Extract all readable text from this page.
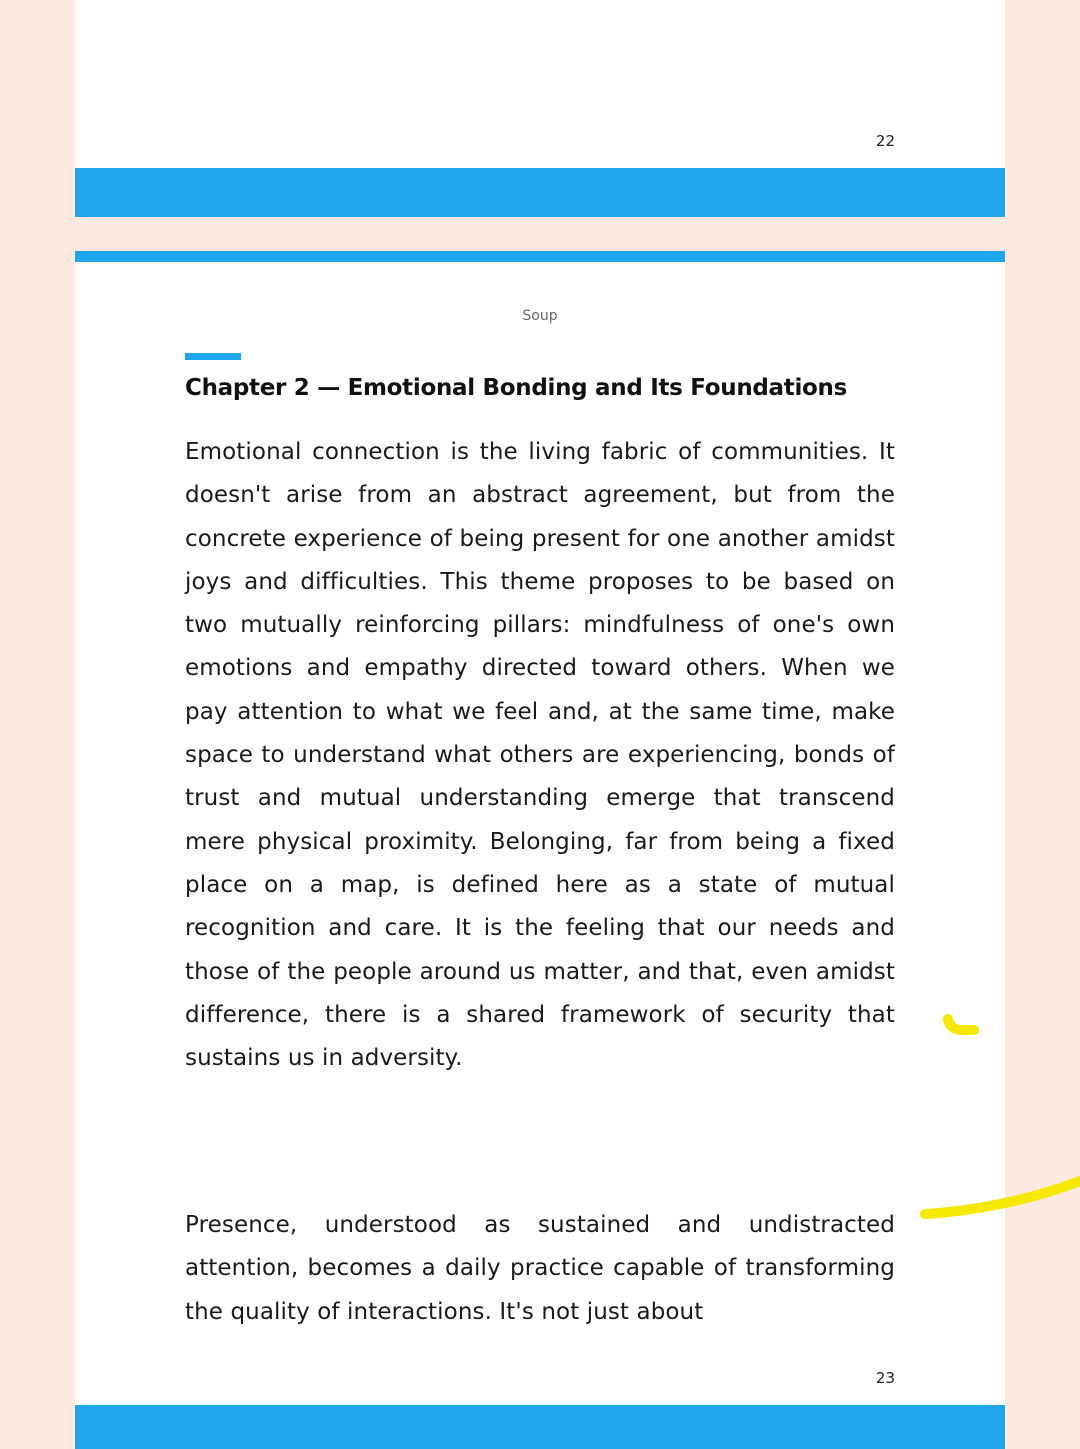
22
Soup
Chapter 2 — Emotional Bonding and Its Foundations

Emotional connection is the living fabric of communities. It doesn't arise from an abstract agreement, but from the concrete experience of being present for one another amidst joys and difficulties. This theme proposes to be based on two mutually reinforcing pillars: mindfulness of one's own emotions and empathy directed toward others. When we pay attention to what we feel and, at the same time, make space to understand what others are experiencing, bonds of trust and mutual understanding emerge that transcend mere physical proximity. Belonging, far from being a fixed place on a map, is defined here as a state of mutual recognition and care. It is the feeling that our needs and those of the people around us matter, and that, even amidst difference, there is a shared framework of security that sustains us in adversity.

Presence, understood as sustained and undistracted attention, becomes a daily practice capable of transforming the quality of interactions. It's not just about

23
